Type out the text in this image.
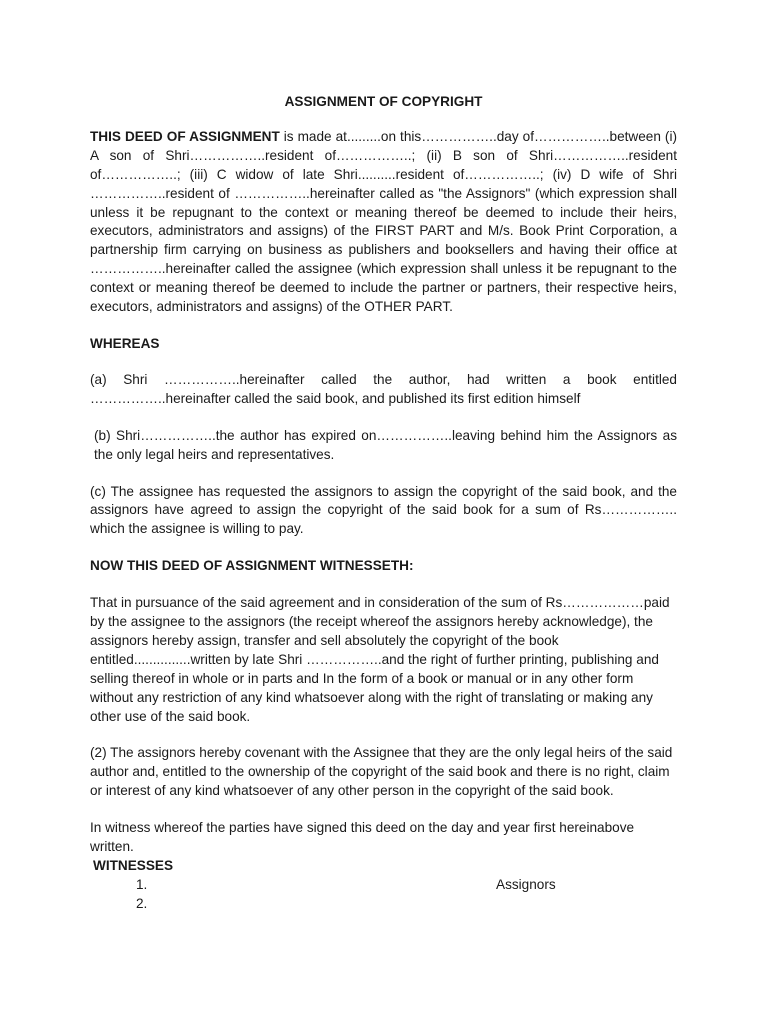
ASSIGNMENT OF COPYRIGHT

THIS DEED OF ASSIGNMENT is made at.........on this……………..day of……………..between (i) A son of Shri……………..resident of……………..; (ii) B son of Shri……………..resident of……………..; (iii) C widow of late Shri..........resident of……………..; (iv) D wife of Shri ……………..resident of ……………..hereinafter called as "the Assignors" (which expression shall unless it be repugnant to the context or meaning thereof be deemed to include their heirs, executors, administrators and assigns) of the FIRST PART and M/s. Book Print Corporation, a partnership firm carrying on business as publishers and booksellers and having their office at ……………..hereinafter called the assignee (which expression shall unless it be repugnant to the context or meaning thereof be deemed to include the partner or partners, their respective heirs, executors, administrators and assigns) of the OTHER PART.

WHEREAS

(a) Shri ……………..hereinafter called the author, had written a book entitled ……………..hereinafter called the said book, and published its first edition himself

(b) Shri……………..the author has expired on……………..leaving behind him the Assignors as the only legal heirs and representatives.

(c) The assignee has requested the assignors to assign the copyright of the said book, and the assignors have agreed to assign the copyright of the said book for a sum of Rs…………….. which the assignee is willing to pay.

NOW THIS DEED OF ASSIGNMENT WITNESSETH:

That in pursuance of the said agreement and in consideration of the sum of Rs………………paid by the assignee to the assignors (the receipt whereof the assignors hereby acknowledge), the assignors hereby assign, transfer and sell absolutely the copyright of the book entitled...............written by late Shri ……………..and the right of further printing, publishing and selling thereof in whole or in parts and In the form of a book or manual or in any other form without any restriction of any kind whatsoever along with the right of translating or making any other use of the said book.

(2) The assignors hereby covenant with the Assignee that they are the only legal heirs of the said author and, entitled to the ownership of the copyright of the said book and there is no right, claim or interest of any kind whatsoever of any other person in the copyright of the said book.

In witness whereof the parties have signed this deed on the day and year first hereinabove written.

WITNESSES

1.	Assignors
2.
